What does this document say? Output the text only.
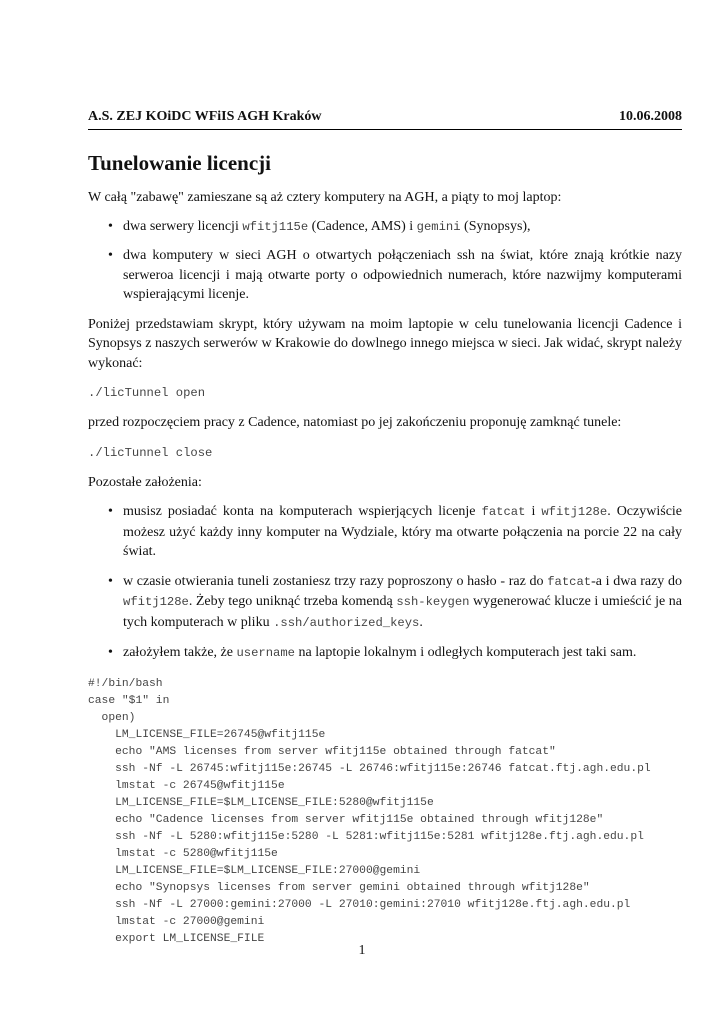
A.S. ZEJ KOiDC WFiIS AGH Kraków	10.06.2008
Tunelowanie licencji

W całą "zabawę" zamieszane są aż cztery komputery na AGH, a piąty to moj laptop:

• dwa serwery licencji wfitj115e (Cadence, AMS) i gemini (Synopsys),
• dwa komputery w sieci AGH o otwartych połączeniach ssh na świat, które znają krótkie nazy serweroa licencji i mają otwarte porty o odpowiednich numerach, które nazwijmy komputerami wspierającymi licenje.

Poniżej przedstawiam skrypt, który używam na moim laptopie w celu tunelowania licencji Cadence i Synopsys z naszych serwerów w Krakowie do dowlnego innego miejsca w sieci. Jak widać, skrypt należy wykonać:

./licTunnel open

przed rozpoczęciem pracy z Cadence, natomiast po jej zakończeniu proponuję zamknąć tunele:

./licTunnel close

Pozostałe założenia:

• musisz posiadać konta na komputerach wspierjących licenje fatcat i wfitj128e. Oczywiście możesz użyć każdy inny komputer na Wydziale, który ma otwarte połączenia na porcie 22 na cały świat.
• w czasie otwierania tuneli zostaniesz trzy razy poproszony o hasło - raz do fatcat-a i dwa razy do wfitj128e. Żeby tego uniknąć trzeba komendą ssh-keygen wygenerować klucze i umieścić je na tych komputerach w pliku .ssh/authorized_keys.
• założyłem także, że username na laptopie lokalnym i odległych komputerach jest taki sam.
#!/bin/bash
case "$1" in
open)
LM_LICENSE_FILE=26745@wfitj115e
echo "AMS licenses from server wfitj115e obtained through fatcat"
ssh -Nf -L 26745:wfitj115e:26745 -L 26746:wfitj115e:26746 fatcat.ftj.agh.edu.pl
lmstat -c 26745@wfitj115e
LM_LICENSE_FILE=$LM_LICENSE_FILE:5280@wfitj115e
echo "Cadence licenses from server wfitj115e obtained through wfitj128e"
ssh -Nf -L 5280:wfitj115e:5280 -L 5281:wfitj115e:5281 wfitj128e.ftj.agh.edu.pl
lmstat -c 5280@wfitj115e
LM_LICENSE_FILE=$LM_LICENSE_FILE:27000@gemini
echo "Synopsys licenses from server gemini obtained through wfitj128e"
ssh -Nf -L 27000:gemini:27000 -L 27010:gemini:27010 wfitj128e.ftj.agh.edu.pl
lmstat -c 27000@gemini
export LM_LICENSE_FILE
1
